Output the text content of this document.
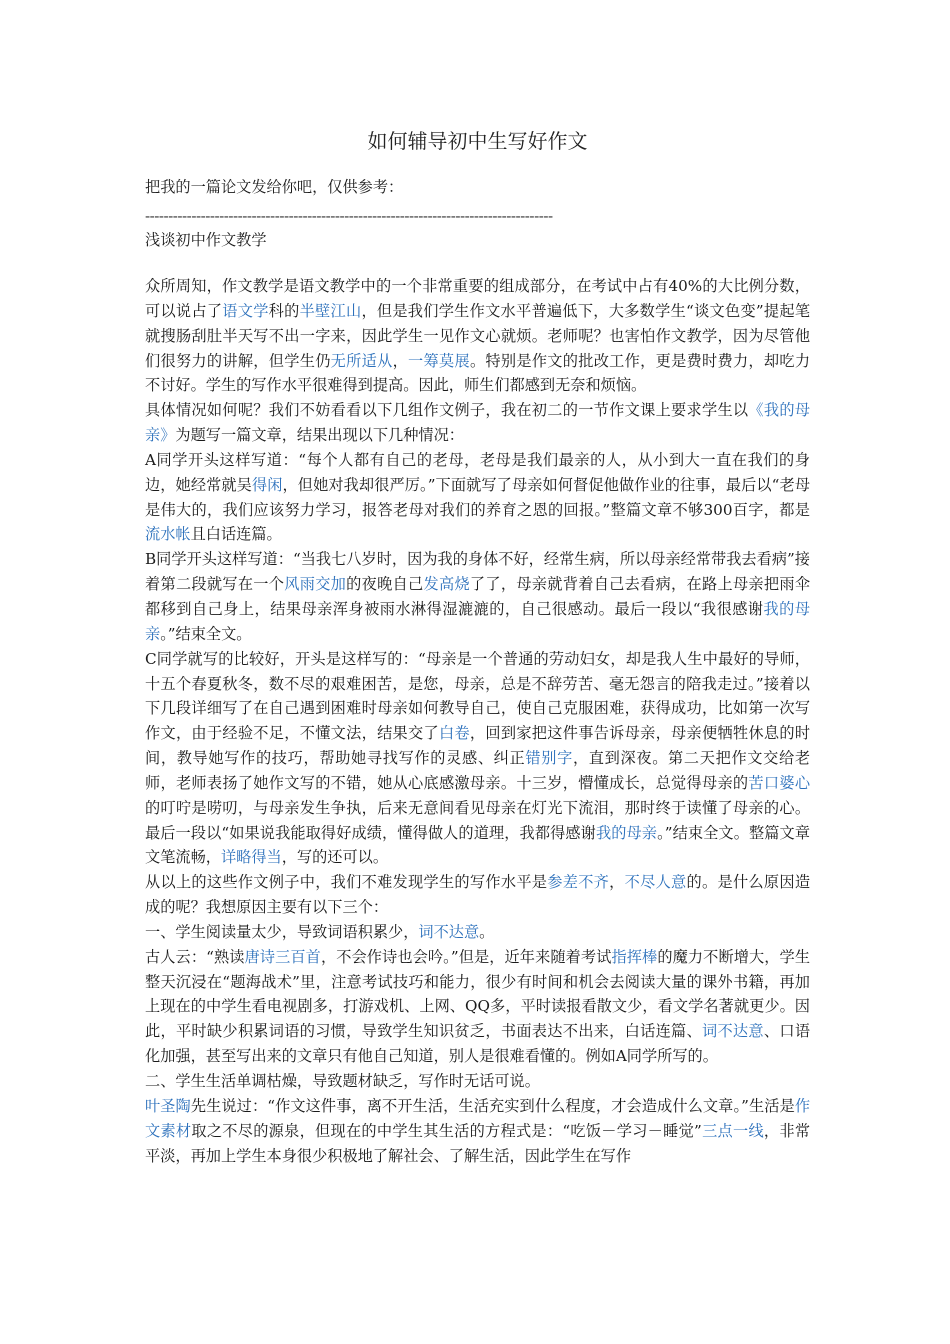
如何辅导初中生写好作文
把我的一篇论文发给你吧，仅供参考：
----------------------------------------------------------------------------------------
浅谈初中作文教学

众所周知，作文教学是语文教学中的一个非常重要的组成部分，在考试中占有40%的大比例分数，可以说占了语文学科的半壁江山，但是我们学生作文水平普遍低下，大多数学生“谈文色变”提起笔就搜肠刮肚半天写不出一字来，因此学生一见作文心就烦。老师呢？也害怕作文教学，因为尽管他们很努力的讲解，但学生仍无所适从，一筹莫展。特别是作文的批改工作，更是费时费力，却吃力不讨好。学生的写作水平很难得到提高。因此，师生们都感到无奈和烦恼。

具体情况如何呢？我们不妨看看以下几组作文例子，我在初二的一节作文课上要求学生以《我的母亲》为题写一篇文章，结果出现以下几种情况：

A同学开头这样写道：“每个人都有自己的老母，老母是我们最亲的人，从小到大一直在我们的身边，她经常就吴得闲，但她对我却很严厉。”下面就写了母亲如何督促他做作业的往事，最后以“老母是伟大的，我们应该努力学习，报答老母对我们的养育之恩的回报。”整篇文章不够300百字，都是流水帐且白话连篇。

B同学开头这样写道：“当我七八岁时，因为我的身体不好，经常生病，所以母亲经常带我去看病”接着第二段就写在一个风雨交加的夜晚自己发高烧了了，母亲就背着自己去看病，在路上母亲把雨伞都移到自己身上，结果母亲浑身被雨水淋得湿漉漉的，自己很感动。最后一段以“我很感谢我的母亲。”结束全文。

C同学就写的比较好，开头是这样写的：“母亲是一个普通的劳动妇女，却是我人生中最好的导师，十五个春夏秋冬，数不尽的艰难困苦，是您，母亲，总是不辞劳苦、毫无怨言的陪我走过。”接着以下几段详细写了在自己遇到困难时母亲如何教导自己，使自己克服困难，获得成功，比如第一次写作文，由于经验不足，不懂文法，结果交了白卷，回到家把这件事告诉母亲，母亲便牺牲休息的时间，教导她写作的技巧，帮助她寻找写作的灵感、纠正错别字，直到深夜。第二天把作文交给老师，老师表扬了她作文写的不错，她从心底感激母亲。十三岁，懵懂成长，总觉得母亲的苦口婆心的叮咛是唠叨，与母亲发生争执，后来无意间看见母亲在灯光下流泪，那时终于读懂了母亲的心。最后一段以“如果说我能取得好成绩，懂得做人的道理，我都得感谢我的母亲。”结束全文。整篇文章文笔流畅，详略得当，写的还可以。

从以上的这些作文例子中，我们不难发现学生的写作水平是参差不齐，不尽人意的。是什么原因造成的呢？我想原因主要有以下三个：

一、学生阅读量太少，导致词语积累少，词不达意。

古人云：“熟读唐诗三百首，不会作诗也会吟。”但是，近年来随着考试指挥棒的魔力不断增大，学生整天沉浸在“题海战术”里，注意考试技巧和能力，很少有时间和机会去阅读大量的课外书籍，再加上现在的中学生看电视剧多，打游戏机、上网、QQ多，平时读报看散文少，看文学名著就更少。因此，平时缺少积累词语的习惯，导致学生知识贫乏，书面表达不出来，白话连篇、词不达意、口语化加强，甚至写出来的文章只有他自己知道，别人是很难看懂的。例如A同学所写的。

二、学生生活单调枯燥，导致题材缺乏，写作时无话可说。

叶圣陶先生说过：“作文这件事，离不开生活，生活充实到什么程度，才会造成什么文章。”生活是作文素材取之不尽的源泉，但现在的中学生其生活的方程式是：“吃饭－学习－睡觉”三点一线，非常平淡，再加上学生本身很少积极地了解社会、了解生活，因此学生在写作
